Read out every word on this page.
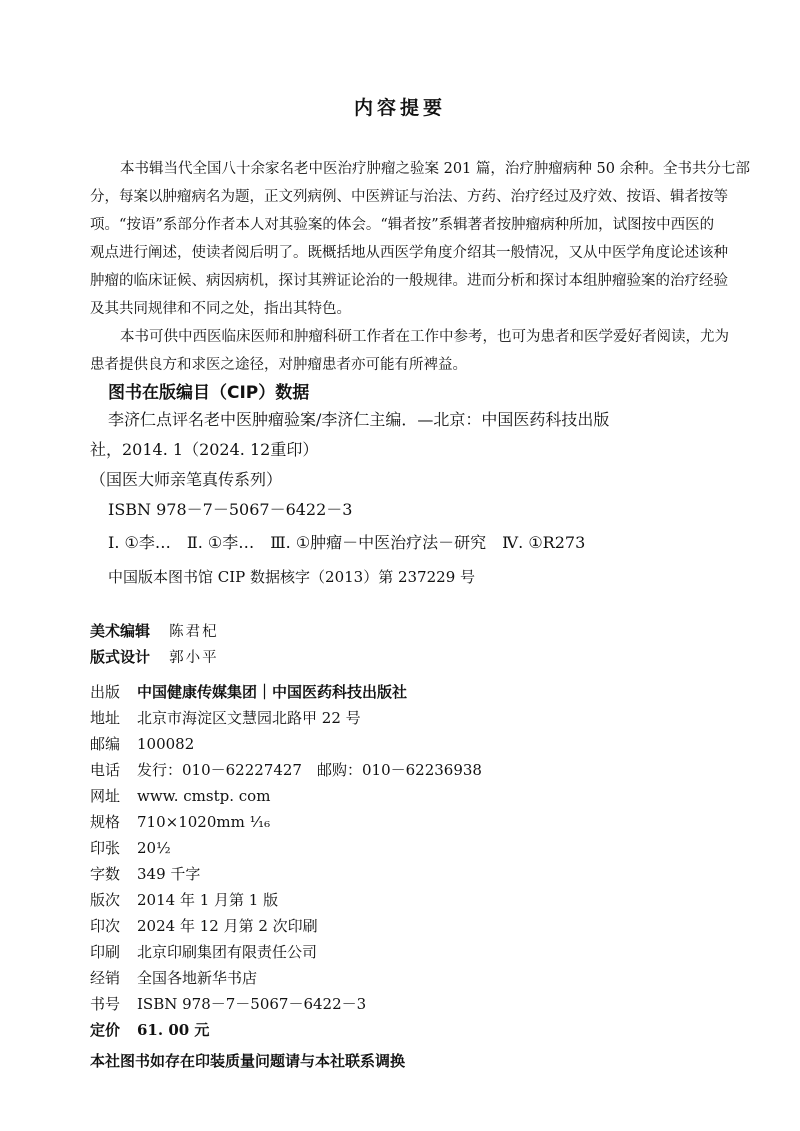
内容提要
本书辑当代全国八十余家名老中医治疗肿瘤之验案 201 篇，治疗肿瘤病种 50 余种。全书共分七部
分，每案以肿瘤病名为题，正文列病例、中医辨证与治法、方药、治疗经过及疗效、按语、辑者按等
项。“按语”系部分作者本人对其验案的体会。“辑者按”系辑著者按肿瘤病种所加，试图按中西医的
观点进行阐述，使读者阅后明了。既概括地从西医学角度介绍其一般情况，又从中医学角度论述该种
肿瘤的临床证候、病因病机，探讨其辨证论治的一般规律。进而分析和探讨本组肿瘤验案的治疗经验
及其共同规律和不同之处，指出其特色。
本书可供中西医临床医师和肿瘤科研工作者在工作中参考，也可为患者和医学爱好者阅读，尤为
患者提供良方和求医之途径，对肿瘤患者亦可能有所裨益。
图书在版编目（CIP）数据
李济仁点评名老中医肿瘤验案/李济仁主编．—北京：中国医药科技出版
社，2014. 1（2024. 12重印）
（国医大师亲笔真传系列）
ISBN 978－7－5067－6422－3
Ⅰ. ①李…　Ⅱ. ①李…　Ⅲ. ①肿瘤－中医治疗法－研究　Ⅳ. ①R273
中国版本图书馆 CIP 数据核字（2013）第 237229 号
美术编辑 陈君杞
版式设计 郭小平
出版 中国健康传媒集团｜中国医药科技出版社
地址 北京市海淀区文慧园北路甲 22 号
邮编 100082
电话 发行：010－62227427　邮购：010－62236938
网址 www. cmstp. com
规格 710×1020mm ¹⁄₁₆
印张 20½
字数 349 千字
版次 2014 年 1 月第 1 版
印次 2024 年 12 月第 2 次印刷
印刷 北京印刷集团有限责任公司
经销 全国各地新华书店
书号 ISBN 978－7－5067－6422－3
定价 61. 00 元
本社图书如存在印装质量问题请与本社联系调换
